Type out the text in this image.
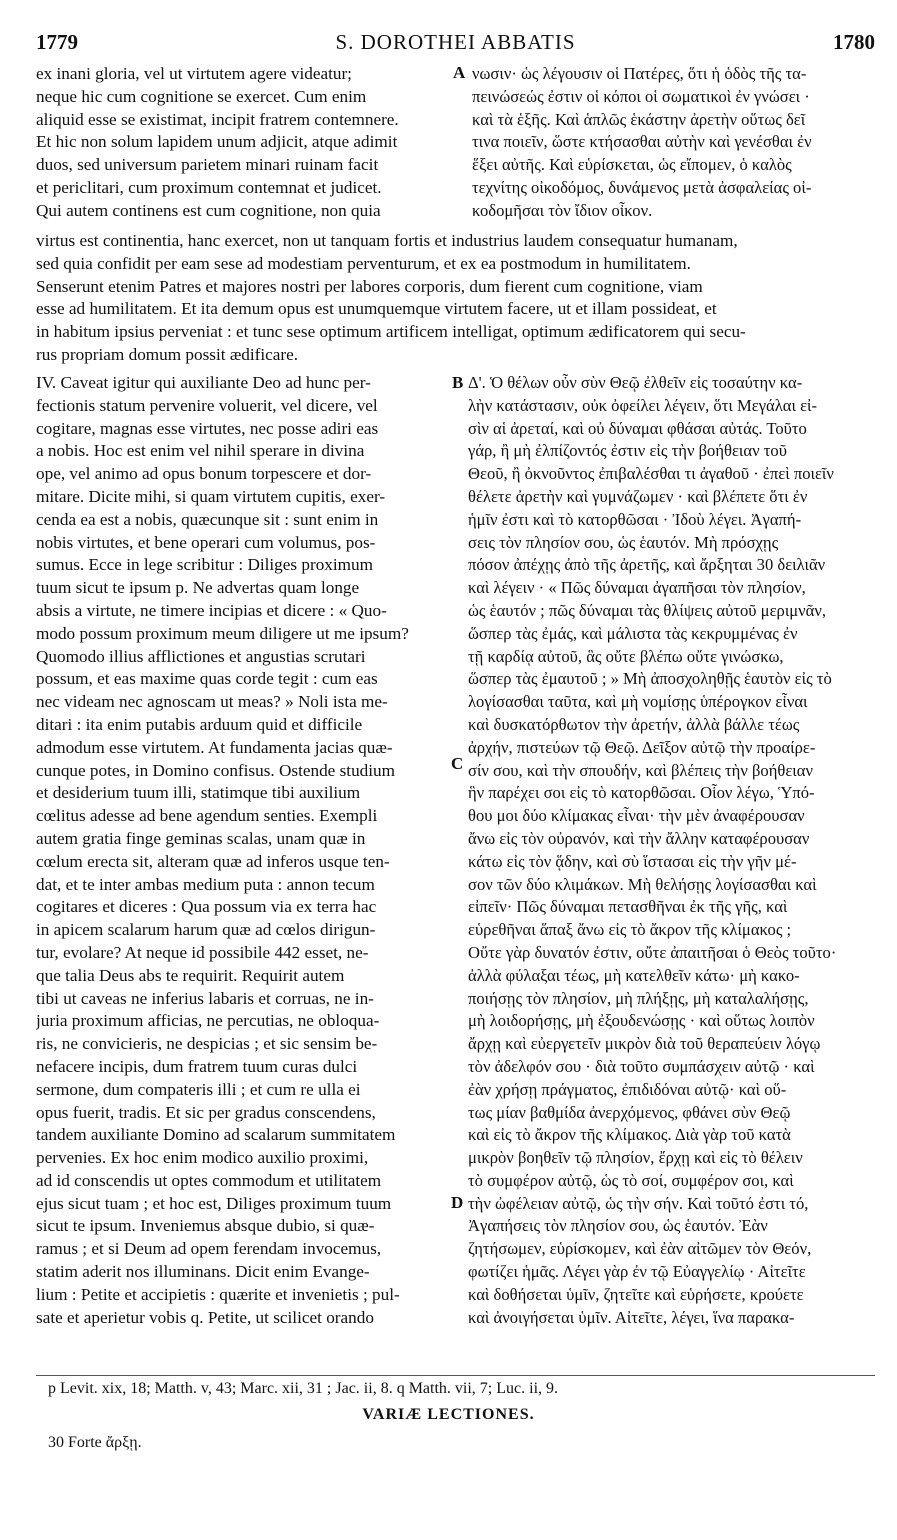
1779	S. DOROTHEI ABBATIS	1780
ex inani gloria, vel ut virtutem agere videatur;
neque hic cum cognitione se exercet. Cum enim
aliquid esse se existimat, incipit fratrem contemnere.
Et hic non solum lapidem unum adjicit, atque adimit
duos, sed universum parietem minari ruinam facit
et periclitari, cum proximum contemnat et judicet.
Qui autem continens est cum cognitione, non quia
νωσιν· ὡς λέγουσιν οἱ Πατέρες, ὅτι ἡ ὁδὸς τῆς τα-
πεινώσεώς ἐστιν οἱ κόποι οἱ σωματικοὶ ἐν γνώσει ·
καὶ τὰ ἑξῆς. Καὶ ἁπλῶς ἑκάστην ἀρετὴν οὕτως δεῖ
τινα ποιεῖν, ὥστε κτήσασθαι αὐτὴν καὶ γενέσθαι ἐν
ἕξει αὐτῆς. Καὶ εὑρίσκεται, ὡς εἴπομεν, ὁ καλὸς
τεχνίτης οἰκοδόμος, δυνάμενος μετὰ ἀσφαλείας οἰ-
κοδομῆσαι τὸν ἴδιον οἶκον.
virtus est continentia, hanc exercet, non ut tanquam fortis et industrius laudem consequatur humanam,
sed quia confidit per eam sese ad modestiam perventurum, et ex ea postmodum in humilitatem.
Senserunt etenim Patres et majores nostri per labores corporis, dum fierent cum cognitione, viam
esse ad humilitatem. Et ita demum opus est unumquemque virtutem facere, ut et illam possideat, et
in habitum ipsius perveniat : et tunc sese optimum artificem intelligat, optimum ædificatorem qui secu-
rus propriam domum possit ædificare.
IV. Caveat igitur qui auxiliante Deo ad hunc per-
fectionis statum pervenire voluerit, vel dicere, vel
cogitare, magnas esse virtutes, nec posse adiri eas
a nobis. Hoc est enim vel nihil sperare in divina
ope, vel animo ad opus bonum torpescere et dor-
mitare. Dicite mihi, si quam virtutem cupitis, exer-
cenda ea est a nobis, quæcunque sit : sunt enim in
nobis virtutes, et bene operari cum volumus, pos-
sumus. Ecce in lege scribitur : Diliges proximum
tuum sicut te ipsum p. Ne advertas quam longe
absis a virtute, ne timere incipias et dicere : « Quo-
modo possum proximum meum diligere ut me ipsum?
Quomodo illius afflictiones et angustias scrutari
possum, et eas maxime quas corde tegit : cum eas
nec videam nec agnoscam ut meas? » Noli ista me-
ditari : ita enim putabis arduum quid et difficile
admodum esse virtutem. At fundamenta jacias quæ-
cunque potes, in Domino confisus. Ostende studium
et desiderium tuum illi, statimque tibi auxilium
cœlitus adesse ad bene agendum senties. Exempli
autem gratia finge geminas scalas, unam quæ in
cœlum erecta sit, alteram quæ ad inferos usque ten-
dat, et te inter ambas medium puta : annon tecum
cogitares et diceres : Qua possum via ex terra hac
in apicem scalarum harum quæ ad cœlos dirigun-
tur, evolare? At neque id possibile 442 esset, ne-
que talia Deus abs te requirit. Requirit autem
tibi ut caveas ne inferius labaris et corruas, ne in-
juria proximum afficias, ne percutias, ne obloqua-
ris, ne convicieris, ne despicias ; et sic sensim be-
nefacere incipis, dum fratrem tuum curas dulci
sermone, dum compateris illi ; et cum re ulla ei
opus fuerit, tradis. Et sic per gradus conscendens,
tandem auxiliante Domino ad scalarum summitatem
pervenies. Ex hoc enim modico auxilio proximi,
ad id conscendis ut optes commodum et utilitatem
ejus sicut tuam ; et hoc est, Diliges proximum tuum
sicut te ipsum. Inveniemus absque dubio, si quæ-
ramus ; et si Deum ad opem ferendam invocemus,
statim aderit nos illuminans. Dicit enim Evange-
lium : Petite et accipietis : quærite et invenietis ; pul-
sate et aperietur vobis q. Petite, ut scilicet orando
Δ'. Ὁ θέλων οὖν σὺν Θεῷ ἐλθεῖν εἰς τοσαύτην κα-
λὴν κατάστασιν, οὐκ ὀφείλει λέγειν, ὅτι Μεγάλαι εἰ-
σὶν αἱ ἀρεταί, καὶ οὐ δύναμαι φθάσαι αὐτάς. Τοῦτο
γάρ, ἢ μὴ ἐλπίζοντός ἐστιν εἰς τὴν βοήθειαν τοῦ
Θεοῦ, ἢ ὀκνοῦντος ἐπιβαλέσθαι τι ἀγαθοῦ · ἐπεὶ ποιεῖν
θέλετε ἀρετὴν καὶ γυμνάζωμεν · καὶ βλέπετε ὅτι ἐν
ἡμῖν ἐστι καὶ τὸ κατορθῶσαι · Ἰδοὺ λέγει. Ἀγαπή-
σεις τὸν πλησίον σου, ὡς ἑαυτόν. Μὴ πρόσχῃς
πόσον ἀπέχῃς ἀπὸ τῆς ἀρετῆς, καὶ ἄρξηται 30 δειλιᾶν
καὶ λέγειν · « Πῶς δύναμαι ἀγαπῆσαι τὸν πλησίον,
ὡς ἑαυτόν ; πῶς δύναμαι τὰς θλίψεις αὐτοῦ μεριμνᾶν,
ὥσπερ τὰς ἐμάς, καὶ μάλιστα τὰς κεκρυμμένας ἐν
τῇ καρδίᾳ αὐτοῦ, ἃς οὔτε βλέπω οὔτε γινώσκω,
ὥσπερ τὰς ἐμαυτοῦ ; » Μὴ ἀποσχοληθῇς ἑαυτὸν εἰς τὸ
λογίσασθαι ταῦτα, καὶ μὴ νομίσῃς ὑπέρογκον εἶναι
καὶ δυσκατόρθωτον τὴν ἀρετήν, ἀλλὰ βάλλε τέως
ἀρχήν, πιστεύων τῷ Θεῷ. Δεῖξον αὐτῷ τὴν προαίρε-
σίν σου, καὶ τὴν σπουδήν, καὶ βλέπεις τὴν βοήθειαν
ἣν παρέχει σοι εἰς τὸ κατορθῶσαι. Οἷον λέγω, Ὑπό-
θου μοι δύο κλίμακας εἶναι· τὴν μὲν ἀναφέρουσαν
ἄνω εἰς τὸν οὐρανόν, καὶ τὴν ἄλλην καταφέρουσαν
κάτω εἰς τὸν ᾅδην, καὶ σὺ ἵστασαι εἰς τὴν γῆν μέ-
σον τῶν δύο κλιμάκων. Μὴ θελήσῃς λογίσασθαι καὶ
εἰπεῖν· Πῶς δύναμαι πετασθῆναι ἐκ τῆς γῆς, καὶ
εὑρεθῆναι ἅπαξ ἄνω εἰς τὸ ἄκρον τῆς κλίμακος ;
Οὔτε γὰρ δυνατόν ἐστιν, οὔτε ἀπαιτῆσαι ὁ Θεὸς τοῦτο·
ἀλλὰ φύλαξαι τέως, μὴ κατελθεῖν κάτω· μὴ κακο-
ποιήσῃς τὸν πλησίον, μὴ πλήξῃς, μὴ καταλαλήσῃς,
μὴ λοιδορήσῃς, μὴ ἐξουδενώσῃς · καὶ οὕτως λοιπὸν
ἄρχῃ καὶ εὐεργετεῖν μικρὸν διὰ τοῦ θεραπεύειν λόγῳ
τὸν ἀδελφόν σου · διὰ τοῦτο συμπάσχειν αὐτῷ · καὶ
ἐὰν χρήσῃ πράγματος, ἐπιδιδόναι αὐτῷ· καὶ οὕ-
τως μίαν βαθμίδα ἀνερχόμενος, φθάνει σὺν Θεῷ
καὶ εἰς τὸ ἄκρον τῆς κλίμακος. Διὰ γὰρ τοῦ κατὰ
μικρὸν βοηθεῖν τῷ πλησίον, ἔρχῃ καὶ εἰς τὸ θέλειν
τὸ συμφέρον αὐτῷ, ὡς τὸ σοί, συμφέρον σοι, καὶ
τὴν ὠφέλειαν αὐτῷ, ὡς τὴν σήν. Καὶ τοῦτό ἐστι τό,
Ἀγαπήσεις τὸν πλησίον σου, ὡς ἑαυτόν. Ἐὰν
ζητήσωμεν, εὑρίσκομεν, καὶ ἐὰν αἰτῶμεν τὸν Θεόν,
φωτίζει ἡμᾶς. Λέγει γὰρ ἐν τῷ Εὐαγγελίῳ · Αἰτεῖτε
καὶ δοθήσεται ὑμῖν, ζητεῖτε καὶ εὑρήσετε, κρούετε
καὶ ἀνοιγήσεται ὑμῖν. Αἰτεῖτε, λέγει, ἵνα παρακα-
A
B
C
D
p Levit. xix, 18; Matth. v, 43; Marc. xii, 31 ; Jac. ii, 8. q Matth. vii, 7; Luc. ii, 9.
VARIÆ LECTIONES.
30 Forte ἄρξῃ.
